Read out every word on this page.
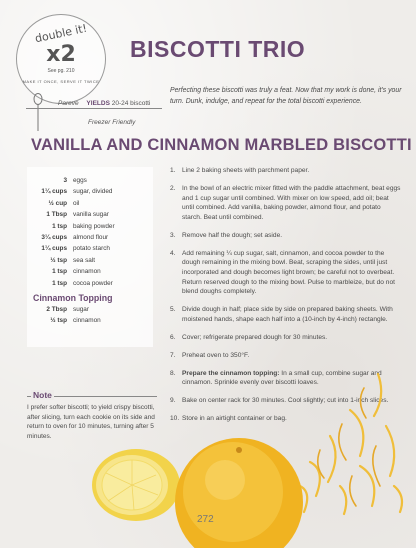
double it!
x2
See pg. 210
MAKE IT ONCE, SERVE IT TWICE
BISCOTTI TRIO
Pareve YIELDS 20-24 biscotti
Freezer Friendly
Perfecting these biscotti was truly a feat. Now that my work is done, it's your turn. Dunk, indulge, and repeat for the total biscotti experience.
VANILLA AND CINNAMON MARBLED BISCOTTI
3 eggs
1¼ cups sugar, divided
½ cup oil
1 Tbsp vanilla sugar
1 tsp baking powder
3¼ cups almond flour
1¼ cups potato starch
½ tsp sea salt
1 tsp cinnamon
1 tsp cocoa powder
Cinnamon Topping
2 Tbsp sugar
½ tsp cinnamon
1. Line 2 baking sheets with parchment paper.
2. In the bowl of an electric mixer fitted with the paddle attachment, beat eggs and 1 cup sugar until combined. With mixer on low speed, add oil; beat until combined. Add vanilla, baking powder, almond flour, and potato starch. Beat until combined.
3. Remove half the dough; set aside.
4. Add remaining ¼ cup sugar, salt, cinnamon, and cocoa powder to the dough remaining in the mixing bowl. Beat, scraping the sides, until just incorporated and dough becomes light brown; be careful not to overbeat. Return reserved dough to the mixing bowl. Pulse to marbleize, but do not blend doughs completely.
5. Divide dough in half; place side by side on prepared baking sheets. With moistened hands, shape each half into a (10-inch by 4-inch) rectangle.
6. Cover; refrigerate prepared dough for 30 minutes.
7. Preheat oven to 350°F.
8. Prepare the cinnamon topping: In a small cup, combine sugar and cinnamon. Sprinkle evenly over biscotti loaves.
9. Bake on center rack for 30 minutes. Cool slightly; cut into 1-inch slices.
10. Store in an airtight container or bag.
Note
I prefer softer biscotti; to yield crispy biscotti, after slicing, turn each cookie on its side and return to oven for 10 minutes, turning after 5 minutes.
272
